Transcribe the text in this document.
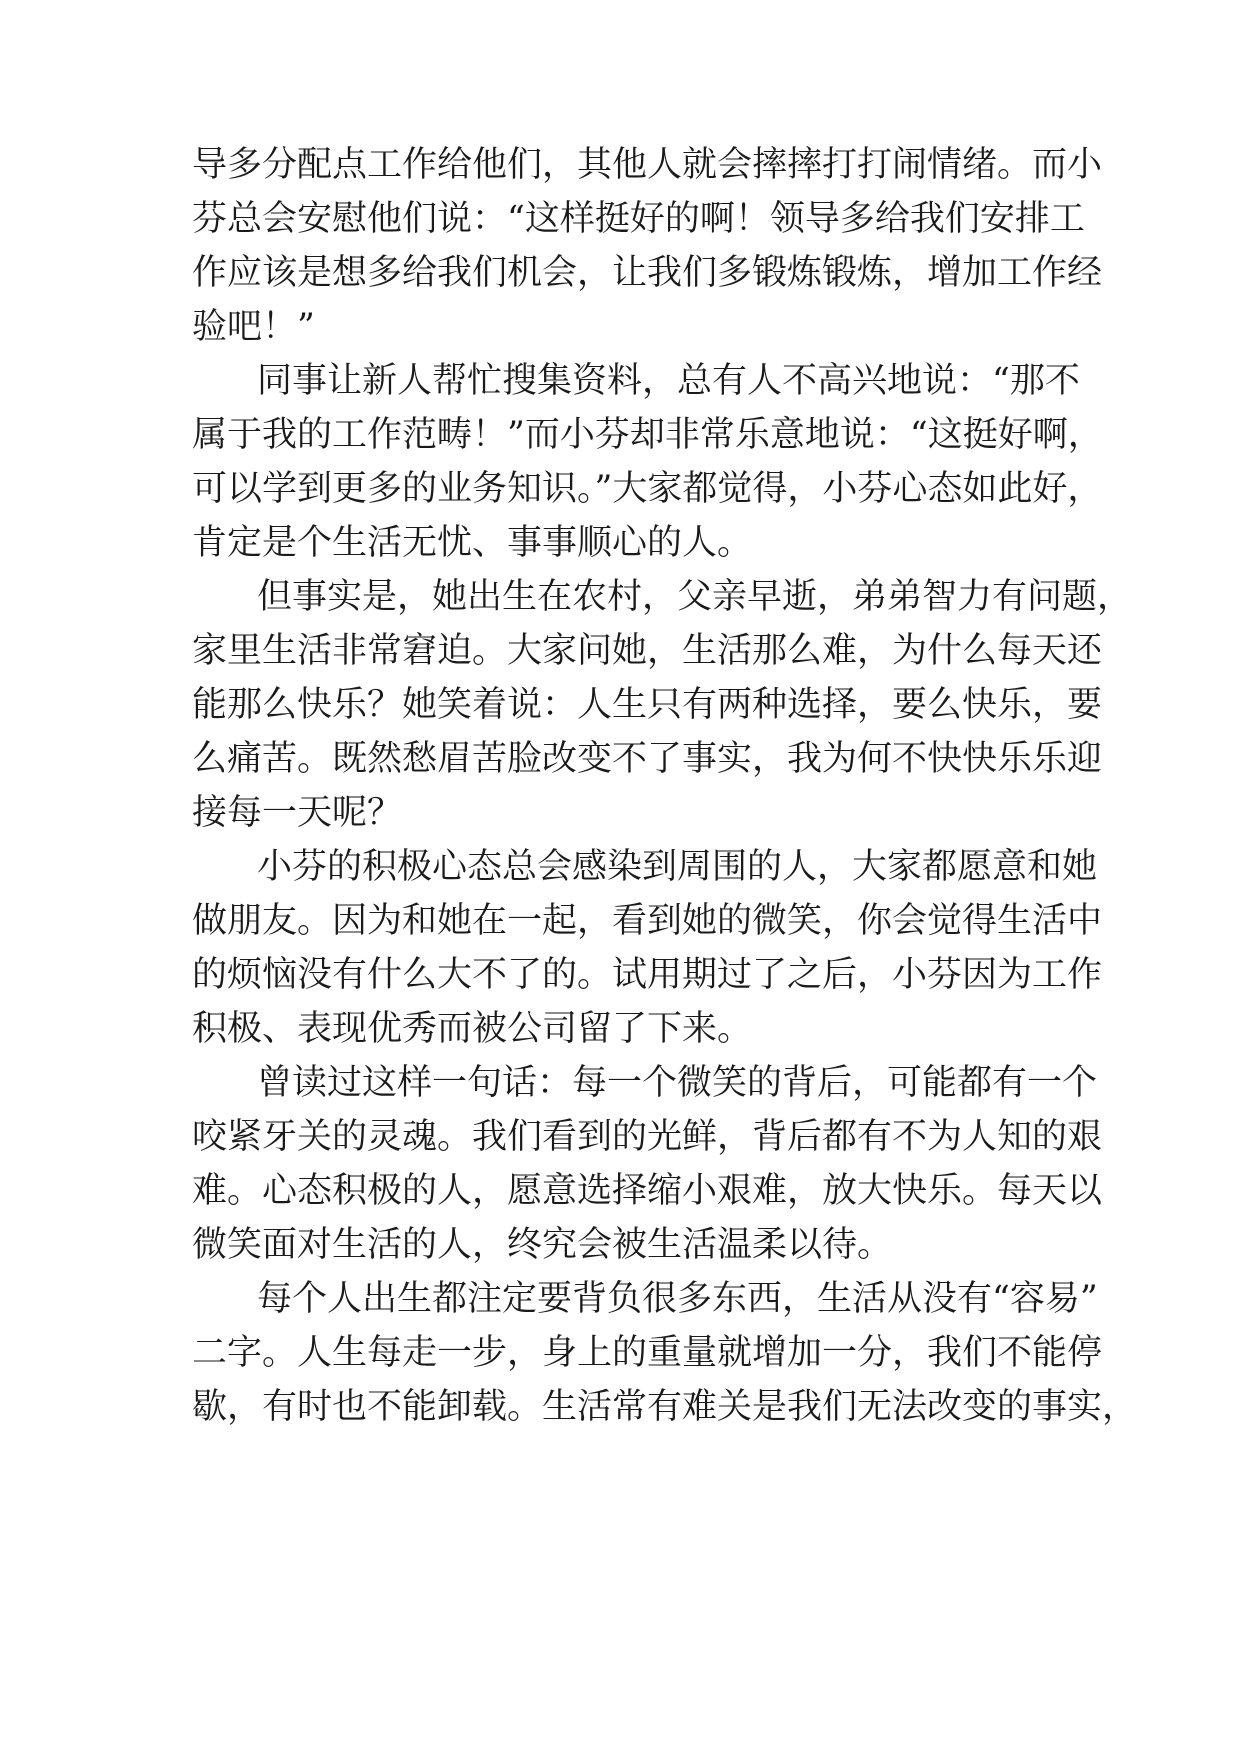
导多分配点工作给他们，其他人就会摔摔打打闹情绪。而小
芬总会安慰他们说：“这样挺好的啊！领导多给我们安排工
作应该是想多给我们机会，让我们多锻炼锻炼，增加工作经
验吧！”
同事让新人帮忙搜集资料，总有人不高兴地说：“那不
属于我的工作范畴！”而小芬却非常乐意地说：“这挺好啊，
可以学到更多的业务知识。”大家都觉得，小芬心态如此好，
肯定是个生活无忧、事事顺心的人。
但事实是，她出生在农村，父亲早逝，弟弟智力有问题，
家里生活非常窘迫。大家问她，生活那么难，为什么每天还
能那么快乐？她笑着说：人生只有两种选择，要么快乐，要
么痛苦。既然愁眉苦脸改变不了事实，我为何不快快乐乐迎
接每一天呢？
小芬的积极心态总会感染到周围的人，大家都愿意和她
做朋友。因为和她在一起，看到她的微笑，你会觉得生活中
的烦恼没有什么大不了的。试用期过了之后，小芬因为工作
积极、表现优秀而被公司留了下来。
曾读过这样一句话：每一个微笑的背后，可能都有一个
咬紧牙关的灵魂。我们看到的光鲜，背后都有不为人知的艰
难。心态积极的人，愿意选择缩小艰难，放大快乐。每天以
微笑面对生活的人，终究会被生活温柔以待。
每个人出生都注定要背负很多东西，生活从没有“容易”
二字。人生每走一步，身上的重量就增加一分，我们不能停
歇，有时也不能卸载。生活常有难关是我们无法改变的事实，
